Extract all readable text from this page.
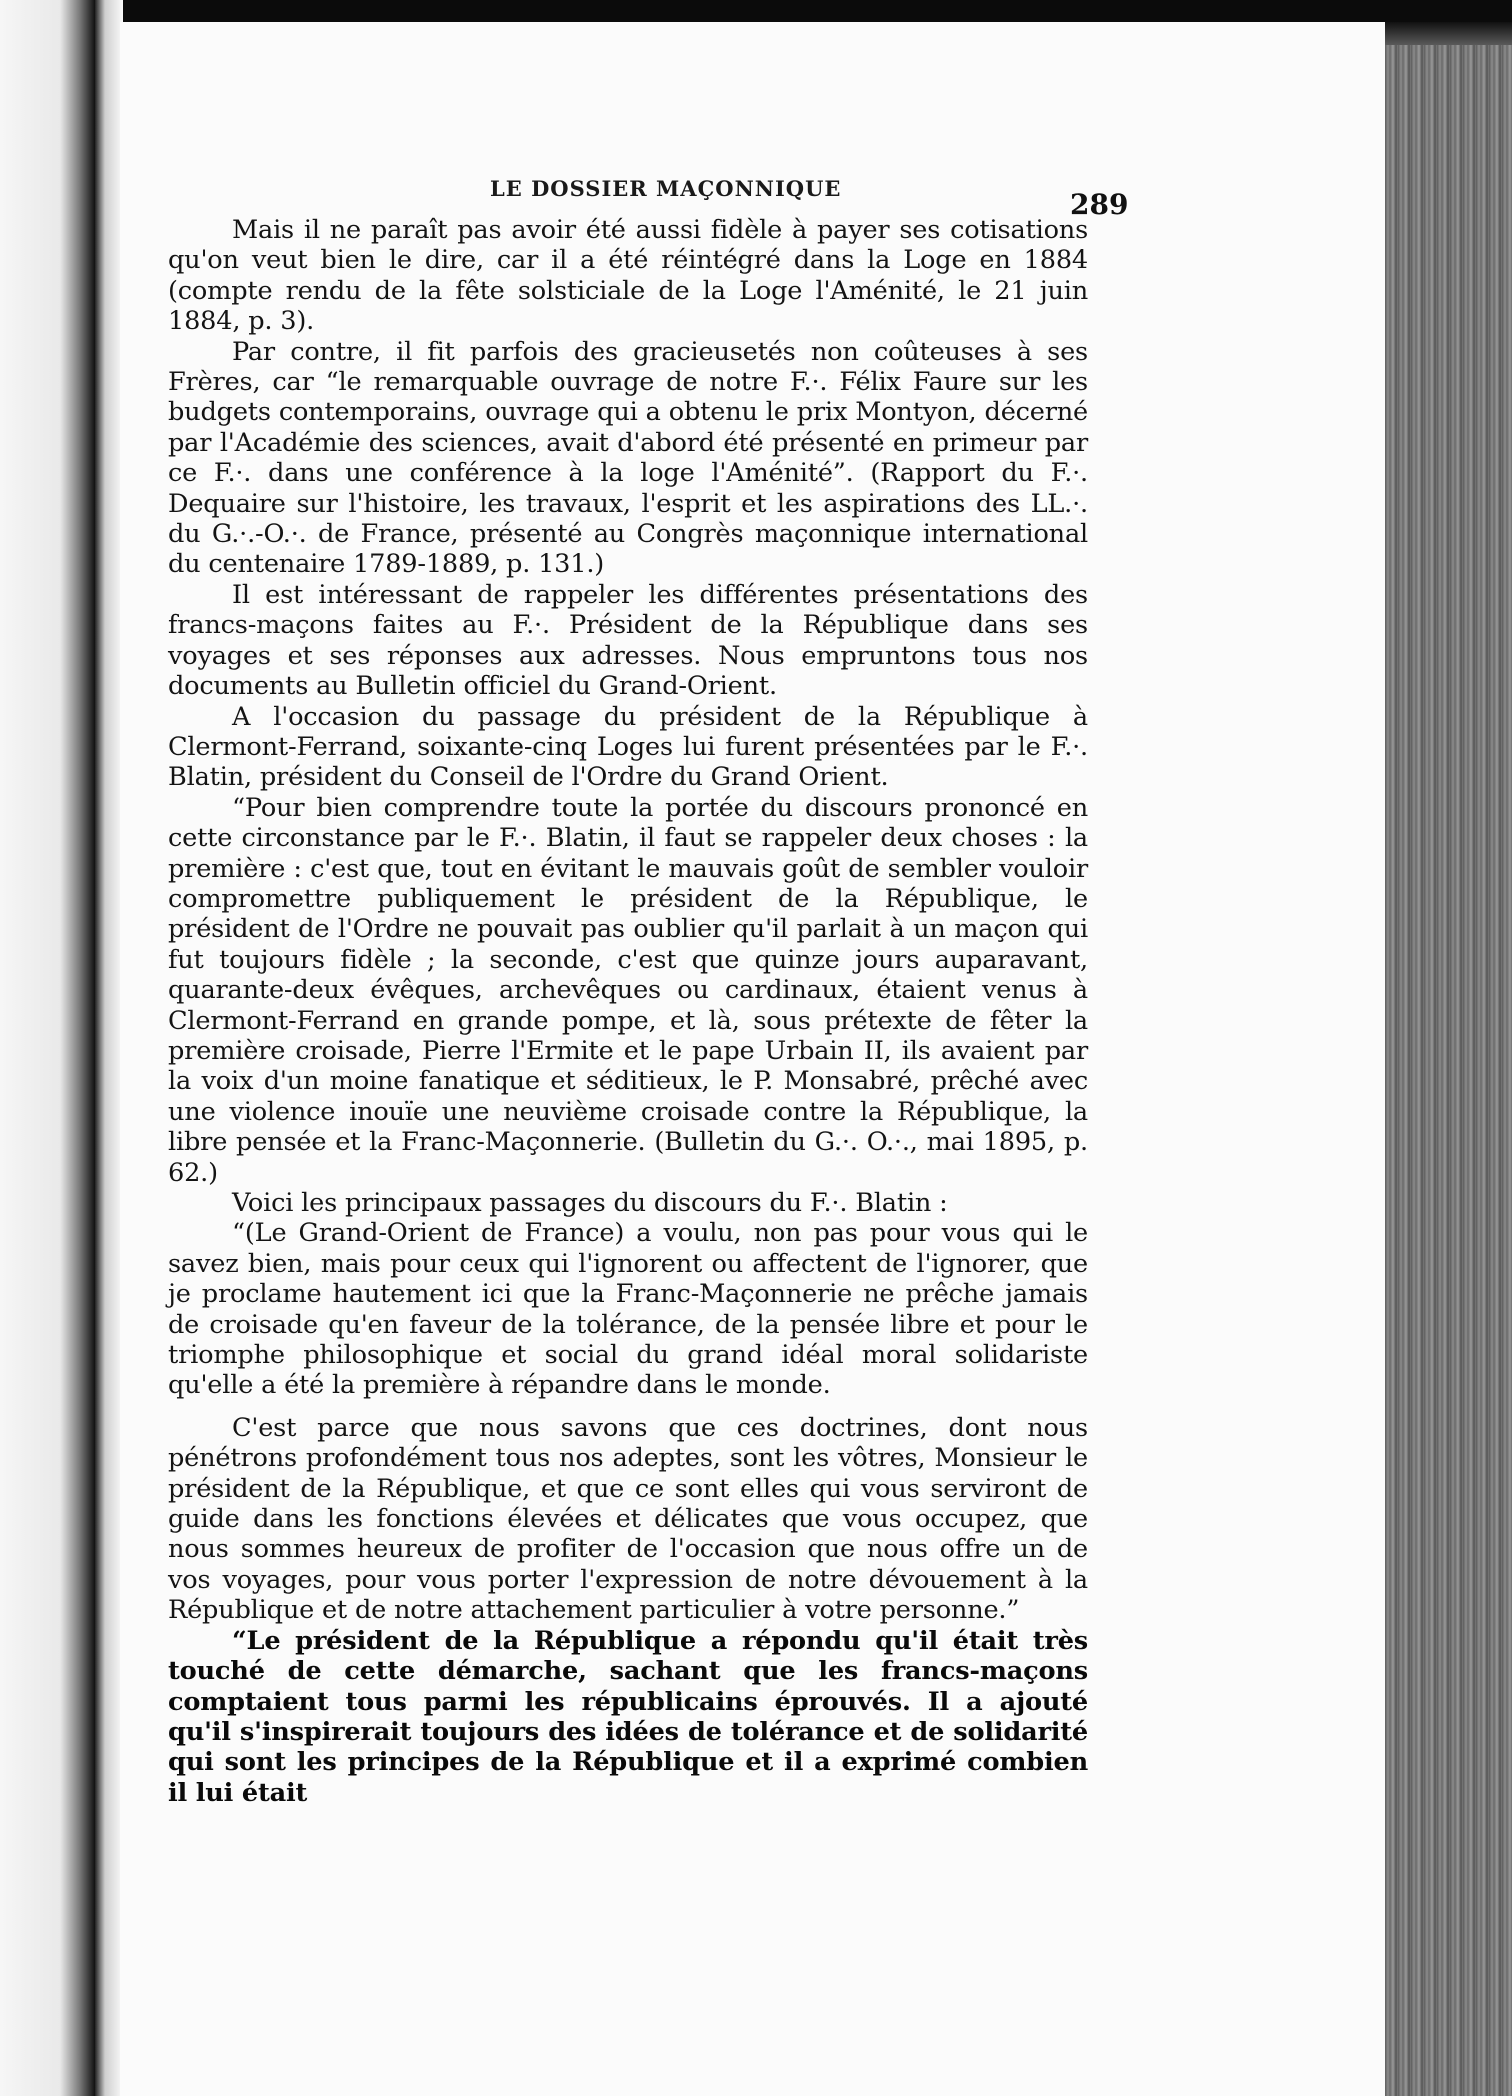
LE DOSSIER MAÇONNIQUE	289

Mais il ne paraît pas avoir été aussi fidèle à payer ses cotisations qu'on veut bien le dire, car il a été réintégré dans la Loge en 1884 (compte rendu de la fête solsticiale de la Loge l'Aménité, le 21 juin 1884, p. 3).

Par contre, il fit parfois des gracieusetés non coûteuses à ses Frères, car “le remarquable ouvrage de notre F.·. Félix Faure sur les budgets contemporains, ouvrage qui a obtenu le prix Montyon, décerné par l'Académie des sciences, avait d'abord été présenté en primeur par ce F.·. dans une conférence à la loge l'Aménité”. (Rapport du F.·. Dequaire sur l'histoire, les travaux, l'esprit et les aspirations des LL.·. du G.·.-O.·. de France, présenté au Congrès maçonnique international du centenaire 1789-1889, p. 131.)

Il est intéressant de rappeler les différentes présentations des francs-maçons faites au F.·. Président de la République dans ses voyages et ses réponses aux adresses. Nous empruntons tous nos documents au Bulletin officiel du Grand-Orient.

A l'occasion du passage du président de la République à Clermont-Ferrand, soixante-cinq Loges lui furent présentées par le F.·. Blatin, président du Conseil de l'Ordre du Grand Orient.

“Pour bien comprendre toute la portée du discours prononcé en cette circonstance par le F.·. Blatin, il faut se rappeler deux choses : la première : c'est que, tout en évitant le mauvais goût de sembler vouloir compromettre publiquement le président de la République, le président de l'Ordre ne pouvait pas oublier qu'il parlait à un maçon qui fut toujours fidèle ; la seconde, c'est que quinze jours auparavant, quarante-deux évêques, archevêques ou cardinaux, étaient venus à Clermont-Ferrand en grande pompe, et là, sous prétexte de fêter la première croisade, Pierre l'Ermite et le pape Urbain II, ils avaient par la voix d'un moine fanatique et séditieux, le P. Monsabré, prêché avec une violence inouïe une neuvième croisade contre la République, la libre pensée et la Franc-Maçonnerie. (Bulletin du G.·. O.·., mai 1895, p. 62.)

Voici les principaux passages du discours du F.·. Blatin :

“(Le Grand-Orient de France) a voulu, non pas pour vous qui le savez bien, mais pour ceux qui l'ignorent ou affectent de l'ignorer, que je proclame hautement ici que la Franc-Maçonnerie ne prêche jamais de croisade qu'en faveur de la tolérance, de la pensée libre et pour le triomphe philosophique et social du grand idéal moral solidariste qu'elle a été la première à répandre dans le monde.

C'est parce que nous savons que ces doctrines, dont nous pénétrons profondément tous nos adeptes, sont les vôtres, Monsieur le président de la République, et que ce sont elles qui vous serviront de guide dans les fonctions élevées et délicates que vous occupez, que nous sommes heureux de profiter de l'occasion que nous offre un de vos voyages, pour vous porter l'expression de notre dévouement à la République et de notre attachement particulier à votre personne.”

“Le président de la République a répondu qu'il était très touché de cette démarche, sachant que les francs-maçons comptaient tous parmi les républicains éprouvés. Il a ajouté qu'il s'inspirerait toujours des idées de tolérance et de solidarité qui sont les principes de la République et il a exprimé combien il lui était
